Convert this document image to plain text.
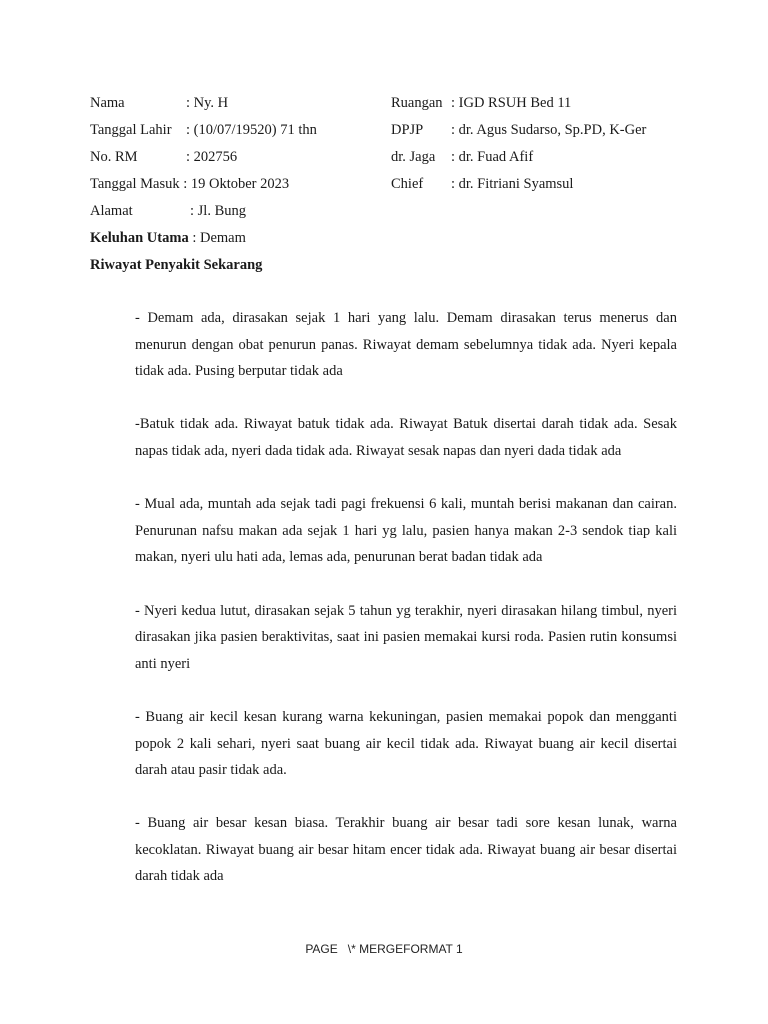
Nama	: Ny. H
Tanggal Lahir : (10/07/19520) 71 thn
No. RM	: 202756
Tanggal Masuk : 19 Oktober 2023
Alamat	: Jl. Bung
Ruangan : IGD RSUH Bed 11
DPJP : dr. Agus Sudarso, Sp.PD, K-Ger
dr. Jaga : dr. Fuad Afif
Chief : dr. Fitriani Syamsul
Keluhan Utama : Demam
Riwayat Penyakit Sekarang

- Demam ada, dirasakan sejak 1 hari yang lalu. Demam dirasakan terus menerus dan menurun dengan obat penurun panas. Riwayat demam sebelumnya tidak ada. Nyeri kepala tidak ada. Pusing berputar tidak ada

-Batuk tidak ada. Riwayat batuk tidak ada. Riwayat Batuk disertai darah tidak ada. Sesak napas tidak ada, nyeri dada tidak ada. Riwayat sesak napas dan nyeri dada tidak ada

- Mual ada, muntah ada sejak tadi pagi frekuensi 6 kali, muntah berisi makanan dan cairan. Penurunan nafsu makan ada sejak 1 hari yg lalu, pasien hanya makan 2-3 sendok tiap kali makan, nyeri ulu hati ada, lemas ada, penurunan berat badan tidak ada

- Nyeri kedua lutut, dirasakan sejak 5 tahun yg terakhir, nyeri dirasakan hilang timbul, nyeri dirasakan jika pasien beraktivitas, saat ini pasien memakai kursi roda. Pasien rutin konsumsi anti nyeri

- Buang air kecil kesan kurang warna kekuningan, pasien memakai popok dan mengganti popok 2 kali sehari, nyeri saat buang air kecil tidak ada. Riwayat buang air kecil disertai darah atau pasir tidak ada.

- Buang air besar kesan biasa. Terakhir buang air besar tadi sore kesan lunak, warna kecoklatan. Riwayat buang air besar hitam encer tidak ada. Riwayat buang air besar disertai darah tidak ada

PAGE   \* MERGEFORMAT 1
